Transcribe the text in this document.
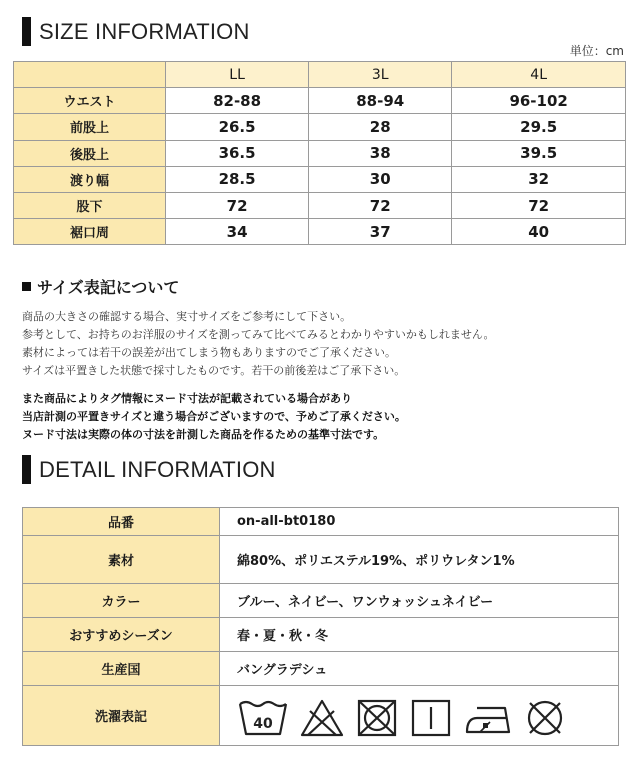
SIZE INFORMATION
単位：cm
	LL	3L	4L
ウエスト	82-88	88-94	96-102
前股上	26.5	28	29.5
後股上	36.5	38	39.5
渡り幅	28.5	30	32
股下	72	72	72
裾口周	34	37	40
サイズ表記について
商品の大きさの確認する場合、実寸サイズをご参考にして下さい。
参考として、お持ちのお洋服のサイズを測ってみて比べてみるとわかりやすいかもしれません。
素材によっては若干の誤差が出てしまう物もありますのでご了承ください。
サイズは平置きした状態で採寸したものです。若干の前後差はご了承下さい。
また商品によりタグ情報にヌード寸法が記載されている場合があり
当店計測の平置きサイズと違う場合がございますので、予めご了承ください。
ヌード寸法は実際の体の寸法を計測した商品を作るための基準寸法です。
DETAIL INFORMATION
品番	on-all-bt0180
素材	綿80%、ポリエステル19%、ポリウレタン1%
カラー	ブルー、ネイビー、ワンウォッシュネイビー
おすすめシーズン	春・夏・秋・冬
生産国	バングラデシュ
洗濯表記	40
